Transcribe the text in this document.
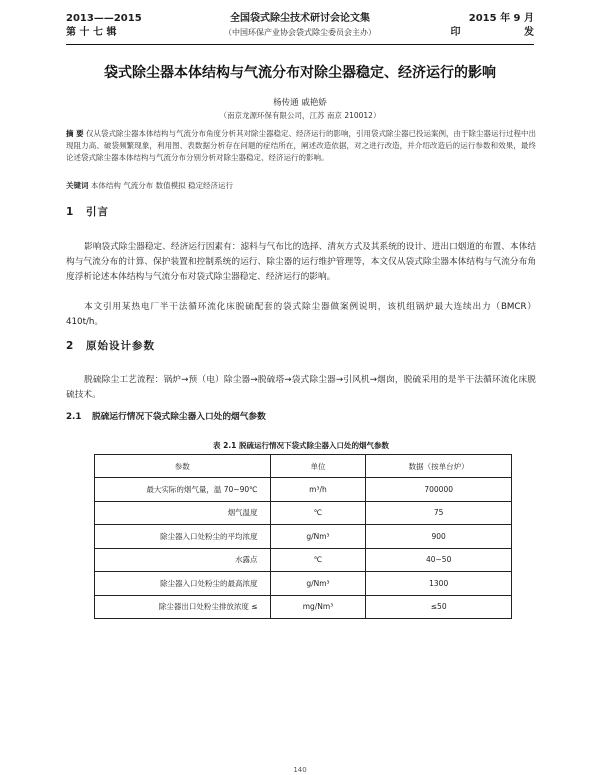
2013——2015
第 十 七 辑
全国袋式除尘技术研讨会论文集
（中国环保产业协会袋式除尘委员会主办）
2015 年 9 月
印 发
袋式除尘器本体结构与气流分布对除尘器稳定、经济运行的影响
杨传通 戚艳娇
（南京龙源环保有限公司，江苏 南京 210012）
摘 要 仅从袋式除尘器本体结构与气流分布角度分析其对除尘器稳定、经济运行的影响，引用袋式除尘器已投运案例，由于除尘器运行过程中出现阻力高、破袋频繁现象，利用图、表数据分析存在问题的症结所在，阐述改造依据，对之进行改造，并介绍改造后的运行参数和效果，最终论述袋式除尘器本体结构与气流分布分别分析对除尘器稳定、经济运行的影响。
关键词 本体结构 气流分布 数值模拟 稳定经济运行
1 引言
影响袋式除尘器稳定、经济运行因素有：滤料与气布比的选择、清灰方式及其系统的设计、进出口烟道的布置、本体结构与气流分布的计算、保护装置和控制系统的运行、除尘器的运行维护管理等，本文仅从袋式除尘器本体结构与气流分布角度浮析论述本体结构与气流分布对袋式除尘器稳定、经济运行的影响。
本文引用某热电厂半干法循环流化床脱硫配套的袋式除尘器做案例说明，该机组锅炉最大连续出力（BMCR）410t/h。
2 原始设计参数
脱硫除尘工艺流程：锅炉→预（电）除尘器→脱硫塔→袋式除尘器→引风机→烟囱，脱硫采用的是半干法循环流化床脱硫技术。
2.1 脱硫运行情况下袋式除尘器入口处的烟气参数
表 2.1 脱硫运行情况下袋式除尘器入口处的烟气参数
参数	单位	数据（按单台炉）
最大实际的烟气量，温 70~90℃	m³/h	700000
烟气温度	℃	75
除尘器入口处粉尘的平均浓度	g/Nm³	900
水露点	℃	40~50
除尘器入口处粉尘的最高浓度	g/Nm³	1300
除尘器出口处粉尘排放浓度 ≤	mg/Nm³	≤50
140
